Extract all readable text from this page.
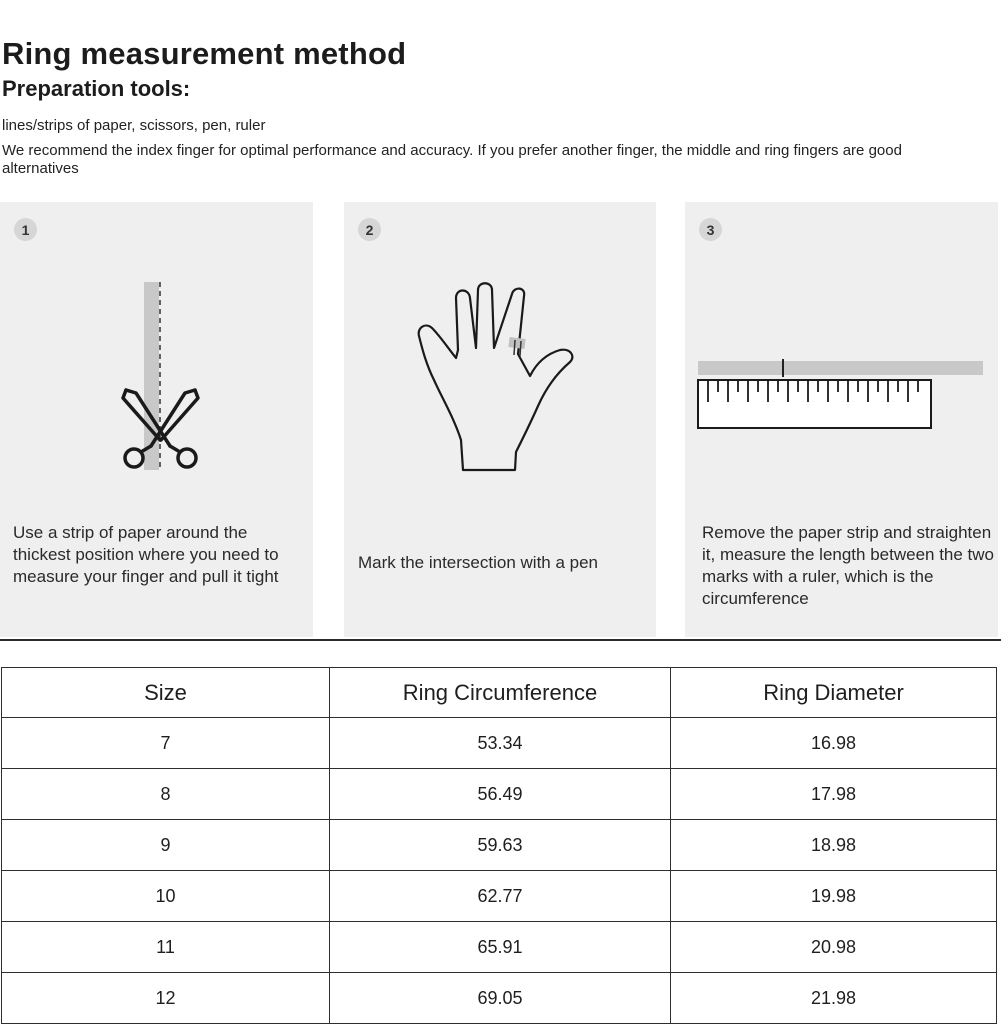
Ring measurement method
Preparation tools:
lines/strips of paper, scissors, pen, ruler
We recommend the index finger for optimal performance and accuracy. If you prefer another finger, the middle and ring fingers are good alternatives
1
Use a strip of paper around the thickest position where you need to measure your finger and pull it tight
2
Mark the intersection with a pen
3
Remove the paper strip and straighten it, measure the length between the two marks with a ruler, which is the circumference
Size	Ring Circumference	Ring Diameter
7	53.34	16.98
8	56.49	17.98
9	59.63	18.98
10	62.77	19.98
11	65.91	20.98
12	69.05	21.98
